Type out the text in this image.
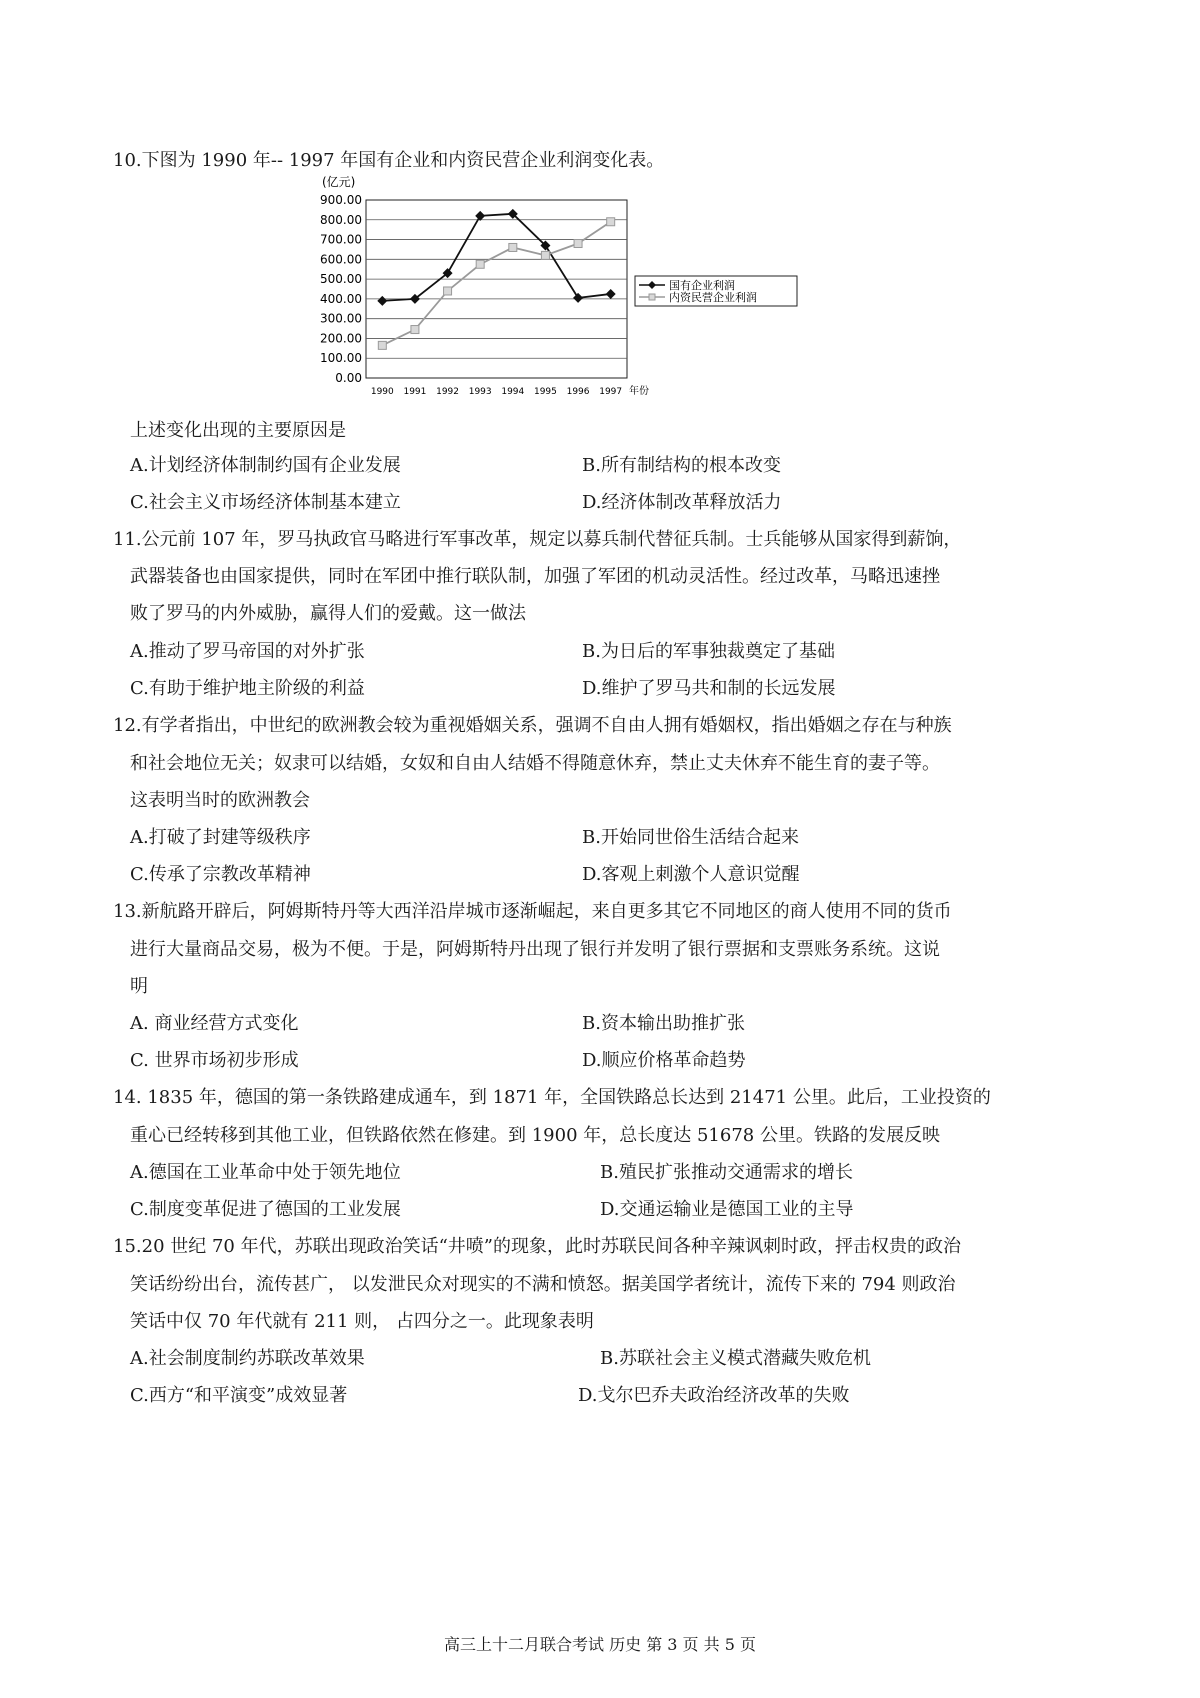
10.下图为 1990 年-- 1997 年国有企业和内资民营企业利润变化表。
0.00
100.00
200.00
300.00
400.00
500.00
600.00
700.00
800.00
900.00
1990 1991 1992 1993 1994 1995 1996 1997
(亿元)
年份
国有企业利润
内资民营企业利润
上述变化出现的主要原因是
A.计划经济体制制约国有企业发展	B.所有制结构的根本改变
C.社会主义市场经济体制基本建立	D.经济体制改革释放活力
11.公元前 107 年，罗马执政官马略进行军事改革，规定以募兵制代替征兵制。士兵能够从国家得到薪饷，
武器装备也由国家提供，同时在军团中推行联队制，加强了军团的机动灵活性。经过改革，马略迅速挫
败了罗马的内外威胁，赢得人们的爱戴。这一做法
A.推动了罗马帝国的对外扩张	B.为日后的军事独裁奠定了基础
C.有助于维护地主阶级的利益	D.维护了罗马共和制的长远发展
12.有学者指出，中世纪的欧洲教会较为重视婚姻关系，强调不自由人拥有婚姻权，指出婚姻之存在与种族
和社会地位无关；奴隶可以结婚，女奴和自由人结婚不得随意休弃，禁止丈夫休弃不能生育的妻子等。
这表明当时的欧洲教会
A.打破了封建等级秩序	B.开始同世俗生活结合起来
C.传承了宗教改革精神	D.客观上刺激个人意识觉醒
13.新航路开辟后，阿姆斯特丹等大西洋沿岸城市逐渐崛起，来自更多其它不同地区的商人使用不同的货币
进行大量商品交易，极为不便。于是，阿姆斯特丹出现了银行并发明了银行票据和支票账务系统。这说
明
A. 商业经营方式变化	B.资本输出助推扩张
C. 世界市场初步形成	D.顺应价格革命趋势
14. 1835 年，德国的第一条铁路建成通车，到 1871 年，全国铁路总长达到 21471 公里。此后，工业投资的
重心已经转移到其他工业，但铁路依然在修建。到 1900 年，总长度达 51678 公里。铁路的发展反映
A.德国在工业革命中处于领先地位	B.殖民扩张推动交通需求的增长
C.制度变革促进了德国的工业发展	D.交通运输业是德国工业的主导
15.20 世纪 70 年代，苏联出现政治笑话“井喷”的现象，此时苏联民间各种辛辣讽刺时政，抨击权贵的政治
笑话纷纷出台，流传甚广， 以发泄民众对现实的不满和愤怒。据美国学者统计，流传下来的 794 则政治
笑话中仅 70 年代就有 211 则， 占四分之一。此现象表明
A.社会制度制约苏联改革效果	B.苏联社会主义模式潜藏失败危机
C.西方“和平演变”成效显著	D.戈尔巴乔夫政治经济改革的失败
高三上十二月联合考试 历史 第 3 页 共 5 页
